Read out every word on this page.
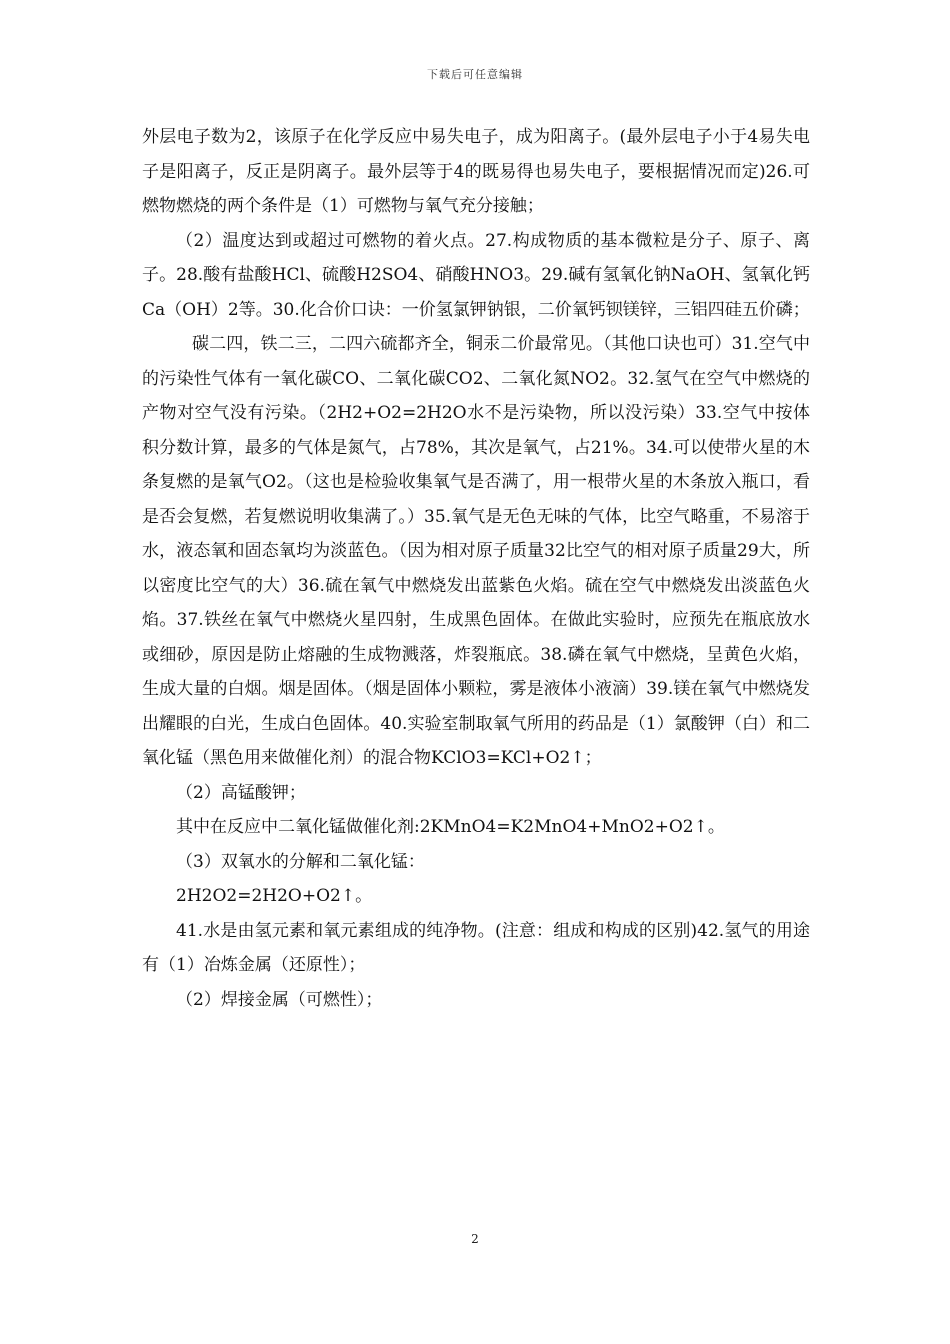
下载后可任意编辑

外层电子数为2，该原子在化学反应中易失电子，成为阳离子。(最外层电子小于4易失电子是阳离子，反正是阴离子。最外层等于4的既易得也易失电子，要根据情况而定)26.可燃物燃烧的两个条件是（1）可燃物与氧气充分接触；

（2）温度达到或超过可燃物的着火点。27.构成物质的基本微粒是分子、原子、离子。28.酸有盐酸HCl、硫酸H2SO4、硝酸HNO3。29.碱有氢氧化钠NaOH、氢氧化钙Ca（OH）2等。30.化合价口诀：一价氢氯钾钠银，二价氧钙钡镁锌，三铝四硅五价磷；

碳二四，铁二三，二四六硫都齐全，铜汞二价最常见。（其他口诀也可）31.空气中的污染性气体有一氧化碳CO、二氧化碳CO2、二氧化氮NO2。32.氢气在空气中燃烧的产物对空气没有污染。（2H2+O2=2H2O水不是污染物，所以没污染）33.空气中按体积分数计算，最多的气体是氮气，占78%，其次是氧气，占21%。34.可以使带火星的木条复燃的是氧气O2。（这也是检验收集氧气是否满了，用一根带火星的木条放入瓶口，看是否会复燃，若复燃说明收集满了。）35.氧气是无色无味的气体，比空气略重，不易溶于水，液态氧和固态氧均为淡蓝色。（因为相对原子质量32比空气的相对原子质量29大，所以密度比空气的大）36.硫在氧气中燃烧发出蓝紫色火焰。硫在空气中燃烧发出淡蓝色火焰。37.铁丝在氧气中燃烧火星四射，生成黑色固体。在做此实验时，应预先在瓶底放水或细砂，原因是防止熔融的生成物溅落，炸裂瓶底。38.磷在氧气中燃烧，呈黄色火焰，生成大量的白烟。烟是固体。（烟是固体小颗粒，雾是液体小液滴）39.镁在氧气中燃烧发出耀眼的白光，生成白色固体。40.实验室制取氧气所用的药品是（1）氯酸钾（白）和二氧化锰（黑色用来做催化剂）的混合物KClO3=KCl+O2↑；

（2）高锰酸钾；

其中在反应中二氧化锰做催化剂:2KMnO4=K2MnO4+MnO2+O2↑。

（3）双氧水的分解和二氧化锰：

2H2O2=2H2O+O2↑。

41.水是由氢元素和氧元素组成的纯净物。(注意：组成和构成的区别)42.氢气的用途有（1）冶炼金属（还原性）；

（2）焊接金属（可燃性）；

2
